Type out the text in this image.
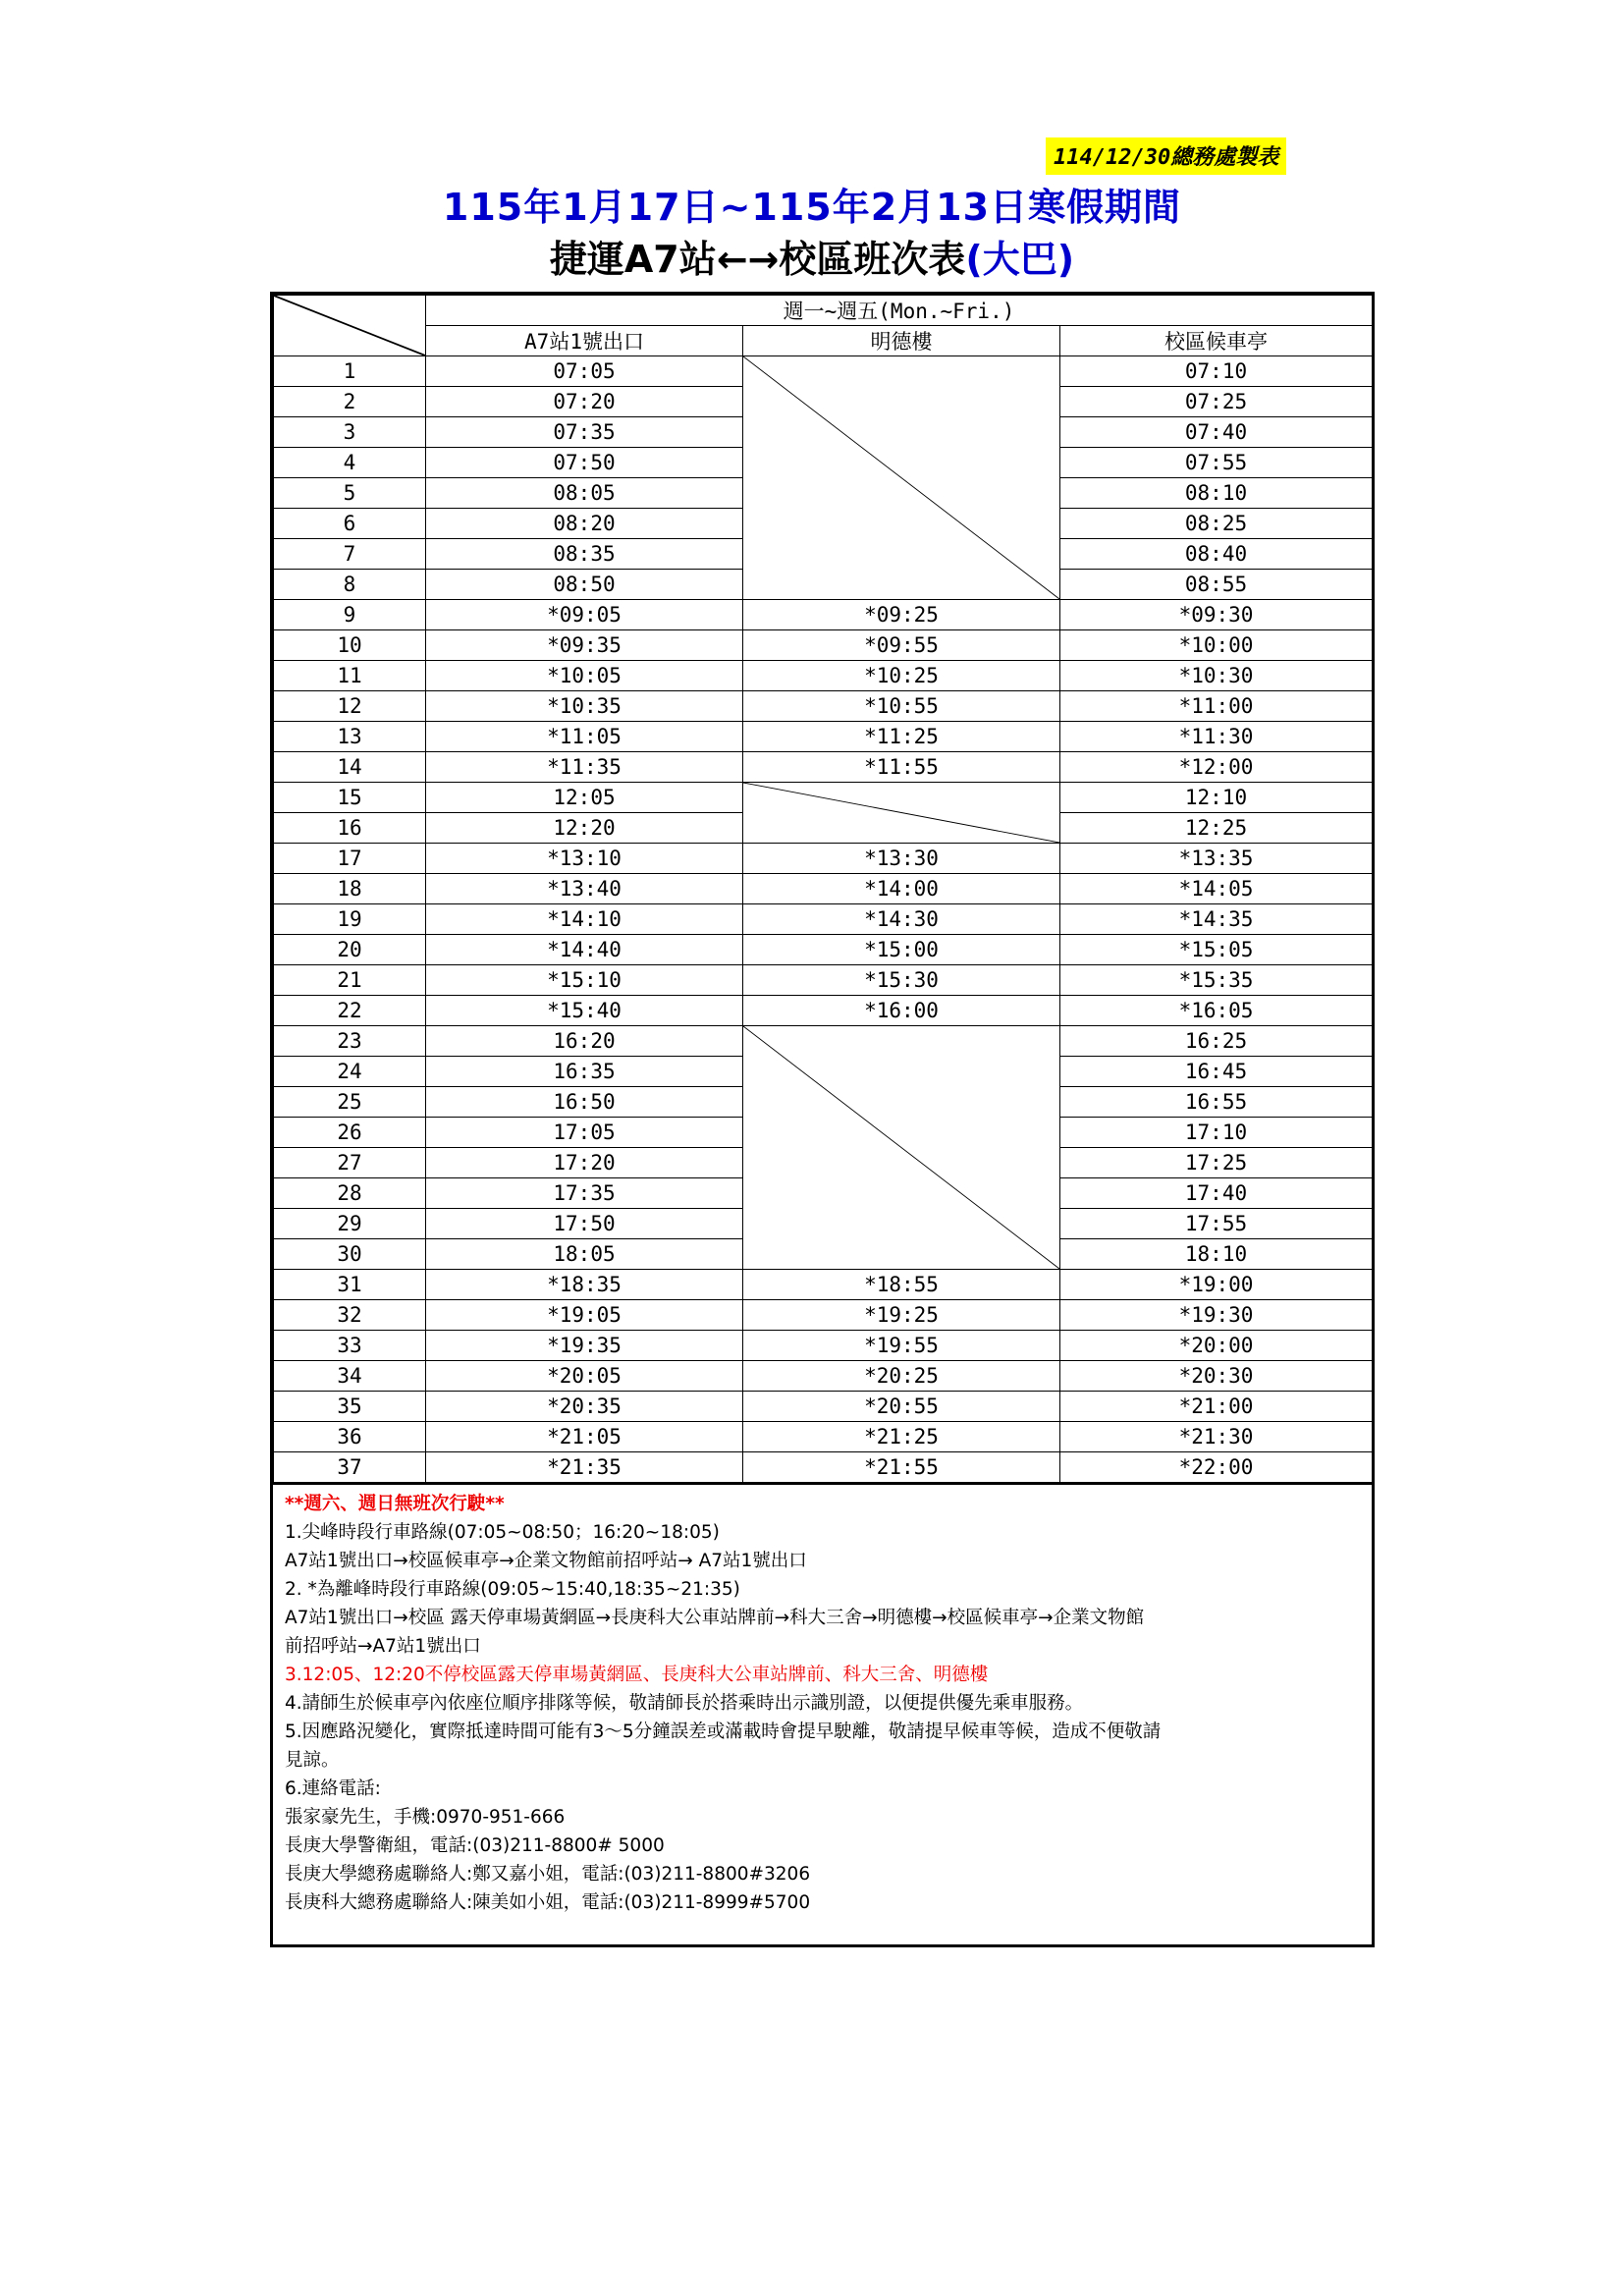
114/12/30總務處製表
115年1月17日~115年2月13日寒假期間
捷運A7站←→校區班次表(大巴)
	週一~週五(Mon.~Fri.)		
	A7站1號出口	明德樓	校區候車亭
1	07:05		07:10
2	07:20		07:25
3	07:35		07:40
4	07:50		07:55
5	08:05		08:10
6	08:20		08:25
7	08:35		08:40
8	08:50		08:55
9	*09:05	*09:25	*09:30
10	*09:35	*09:55	*10:00
11	*10:05	*10:25	*10:30
12	*10:35	*10:55	*11:00
13	*11:05	*11:25	*11:30
14	*11:35	*11:55	*12:00
15	12:05		12:10
16	12:20		12:25
17	*13:10	*13:30	*13:35
18	*13:40	*14:00	*14:05
19	*14:10	*14:30	*14:35
20	*14:40	*15:00	*15:05
21	*15:10	*15:30	*15:35
22	*15:40	*16:00	*16:05
23	16:20		16:25
24	16:35		16:45
25	16:50		16:55
26	17:05		17:10
27	17:20		17:25
28	17:35		17:40
29	17:50		17:55
30	18:05		18:10
31	*18:35	*18:55	*19:00
32	*19:05	*19:25	*19:30
33	*19:35	*19:55	*20:00
34	*20:05	*20:25	*20:30
35	*20:35	*20:55	*21:00
36	*21:05	*21:25	*21:30
37	*21:35	*21:55	*22:00

**週六、週日無班次行駛**

1.尖峰時段行車路線(07:05~08:50；16:20~18:05)

A7站1號出口→校區候車亭→企業文物館前招呼站→ A7站1號出口

2. *為離峰時段行車路線(09:05~15:40,18:35~21:35)

A7站1號出口→校區 露天停車場黃網區→長庚科大公車站牌前→科大三舍→明德樓→校區候車亭→企業文物館

前招呼站→A7站1號出口

3.12:05、12:20不停校區露天停車場黃網區、長庚科大公車站牌前、科大三舍、明德樓

4.請師生於候車亭內依座位順序排隊等候，敬請師長於搭乘時出示識別證，以便提供優先乘車服務。

5.因應路況變化，實際抵達時間可能有3～5分鐘誤差或滿載時會提早駛離，敬請提早候車等候，造成不便敬請

見諒。

6.連絡電話:

張家豪先生，手機:0970-951-666

長庚大學警衛組，電話:(03)211-8800# 5000

長庚大學總務處聯絡人:鄭又嘉小姐，電話:(03)211-8800#3206

長庚科大總務處聯絡人:陳美如小姐，電話:(03)211-8999#5700
